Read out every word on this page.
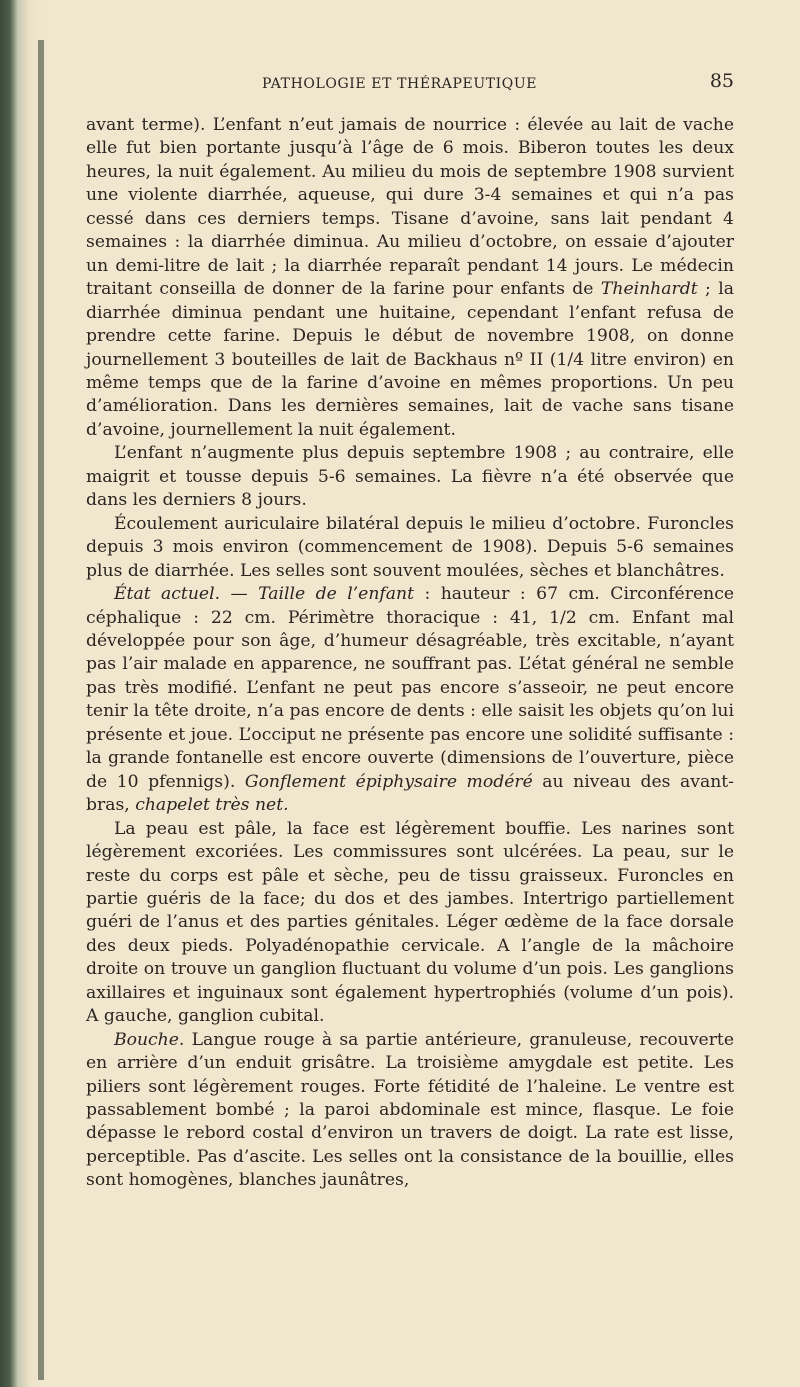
PATHOLOGIE ET THÉRAPEUTIQUE	85

avant terme). L’enfant n’eut jamais de nourrice : élevée au lait de vache elle fut bien portante jusqu’à l’âge de 6 mois. Biberon toutes les deux heures, la nuit également. Au milieu du mois de septembre 1908 survient une violente diarrhée, aqueuse, qui dure 3-4 semaines et qui n’a pas cessé dans ces derniers temps. Tisane d’avoine, sans lait pendant 4 semaines : la diarrhée diminua. Au milieu d’octobre, on essaie d’ajouter un demi-litre de lait ; la diarrhée reparaît pendant 14 jours. Le médecin traitant conseilla de donner de la farine pour enfants de Theinhardt ; la diarrhée diminua pendant une huitaine, cependant l’enfant refusa de prendre cette farine. Depuis le début de novembre 1908, on donne journellement 3 bouteilles de lait de Backhaus nº II (1/4 litre environ) en même temps que de la farine d’avoine en mêmes proportions. Un peu d’amélioration. Dans les dernières semaines, lait de vache sans tisane d’avoine, journellement la nuit également.

L’enfant n’augmente plus depuis septembre 1908 ; au contraire, elle maigrit et tousse depuis 5-6 semaines. La fièvre n’a été observée que dans les derniers 8 jours.

Écoulement auriculaire bilatéral depuis le milieu d’octobre. Furoncles depuis 3 mois environ (commencement de 1908). Depuis 5-6 semaines plus de diarrhée. Les selles sont souvent moulées, sèches et blanchâtres.

État actuel. — Taille de l’enfant : hauteur : 67 cm. Circonférence céphalique : 22 cm. Périmètre thoracique : 41, 1/2 cm. Enfant mal développée pour son âge, d’humeur désagréable, très excitable, n’ayant pas l’air malade en apparence, ne souffrant pas. L’état général ne semble pas très modifié. L’enfant ne peut pas encore s’asseoir, ne peut encore tenir la tête droite, n’a pas encore de dents : elle saisit les objets qu’on lui présente et joue. L’occiput ne présente pas encore une solidité suffisante : la grande fontanelle est encore ouverte (dimensions de l’ouverture, pièce de 10 pfennigs). Gonflement épiphysaire modéré au niveau des avant-bras, chapelet très net.

La peau est pâle, la face est légèrement bouffie. Les narines sont légèrement excoriées. Les commissures sont ulcérées. La peau, sur le reste du corps est pâle et sèche, peu de tissu graisseux. Furoncles en partie guéris de la face; du dos et des jambes. Intertrigo partiellement guéri de l’anus et des parties génitales. Léger œdème de la face dorsale des deux pieds. Polyadénopathie cervicale. A l’angle de la mâchoire droite on trouve un ganglion fluctuant du volume d’un pois. Les ganglions axillaires et inguinaux sont également hypertrophiés (volume d’un pois). A gauche, ganglion cubital.

Bouche. Langue rouge à sa partie antérieure, granuleuse, recouverte en arrière d’un enduit grisâtre. La troisième amygdale est petite. Les piliers sont légèrement rouges. Forte fétidité de l’haleine. Le ventre est passablement bombé ; la paroi abdominale est mince, flasque. Le foie dépasse le rebord costal d’environ un travers de doigt. La rate est lisse, perceptible. Pas d’ascite. Les selles ont la consistance de la bouillie, elles sont homogènes, blanches jaunâtres,
